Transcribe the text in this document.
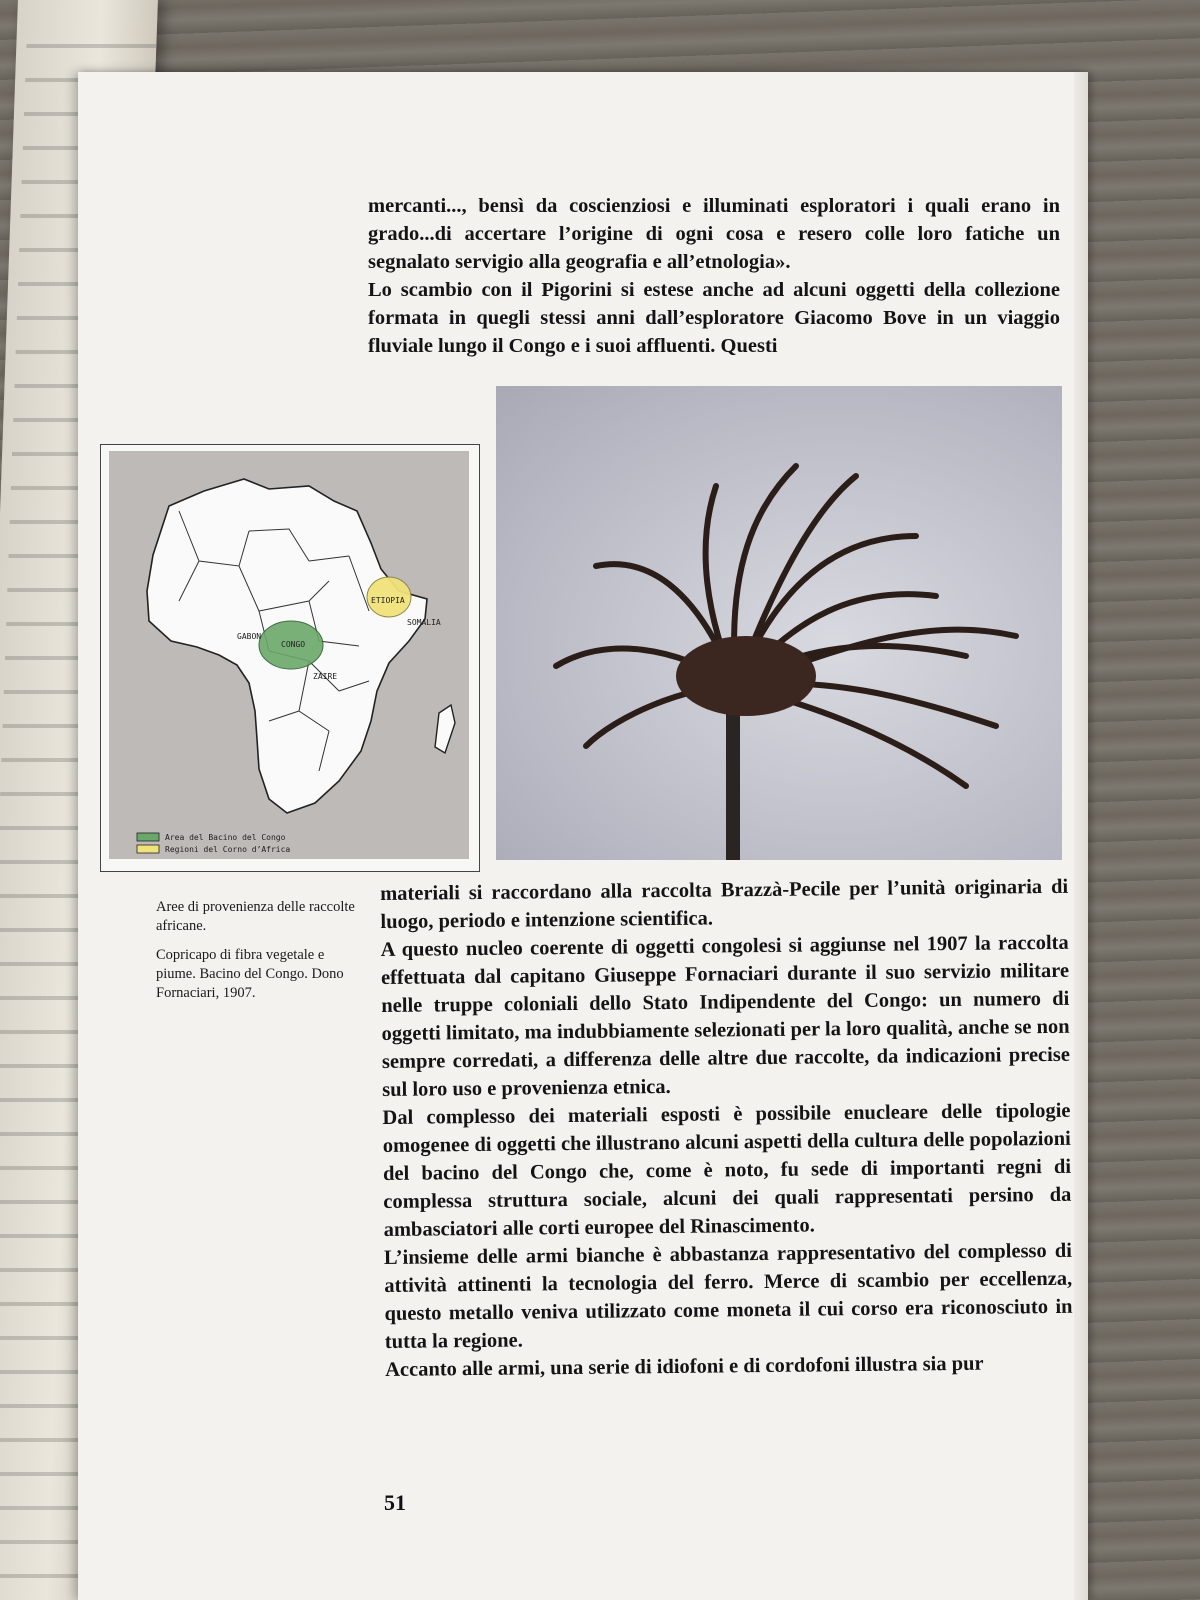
mercanti..., bensì da coscienziosi e illuminati esploratori i quali erano in grado...di accertare l’origine di ogni cosa e resero colle loro fatiche un segnalato servigio alla geografia e all’etnologia».

Lo scambio con il Pigorini si estese anche ad alcuni oggetti della collezione formata in quegli stessi anni dall’esploratore Giacomo Bove in un viaggio fluviale lungo il Congo e i suoi affluenti. Questi

ETIOPIA
SOMALIA
GABON
CONGO
ZAIRE
Area del Bacino del Congo
Regioni del Corno d’Africa

Aree di provenienza delle raccolte africane.

Copricapo di fibra vegetale e piume. Bacino del Congo. Dono Fornaciari, 1907.

materiali si raccordano alla raccolta Brazzà-Pecile per l’unità originaria di luogo, periodo e intenzione scientifica.

A questo nucleo coerente di oggetti congolesi si aggiunse nel 1907 la raccolta effettuata dal capitano Giuseppe Fornaciari durante il suo servizio militare nelle truppe coloniali dello Stato Indipendente del Congo: un numero di oggetti limitato, ma indubbiamente selezionati per la loro qualità, anche se non sempre corredati, a differenza delle altre due raccolte, da indicazioni precise sul loro uso e provenienza etnica.

Dal complesso dei materiali esposti è possibile enucleare delle tipologie omogenee di oggetti che illustrano alcuni aspetti della cultura delle popolazioni del bacino del Congo che, come è noto, fu sede di importanti regni di complessa struttura sociale, alcuni dei quali rappresentati persino da ambasciatori alle corti europee del Rinascimento.

L’insieme delle armi bianche è abbastanza rappresentativo del complesso di attività attinenti la tecnologia del ferro. Merce di scambio per eccellenza, questo metallo veniva utilizzato come moneta il cui corso era riconosciuto in tutta la regione.

Accanto alle armi, una serie di idiofoni e di cordofoni illustra sia pur

51
